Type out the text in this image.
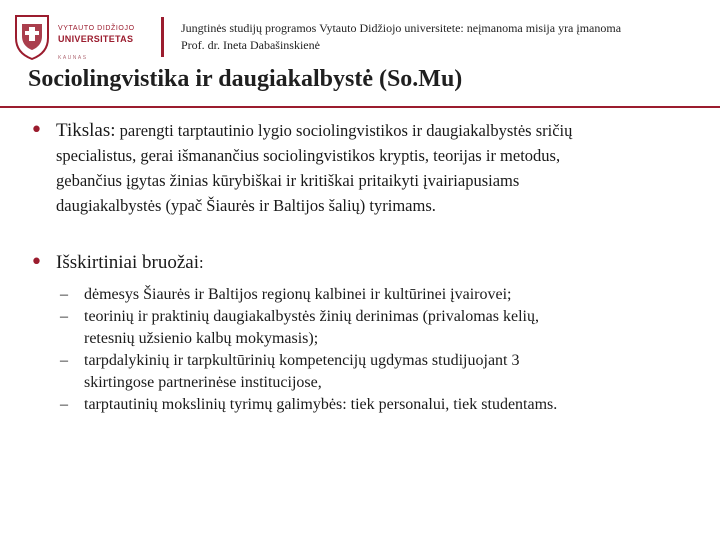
VYTAUTO DIDŽIOJO
UNIVERSITETAS
KAUNAS
Jungtinės studijų programos Vytauto Didžiojo universitete: neįmanoma misija yra įmanoma
Prof. dr. Ineta Dabašinskienė
Sociolingvistika ir daugiakalbystė (So.Mu)
• Tikslas: parengti tarptautinio lygio sociolingvistikos ir daugiakalbystės sričių
specialistus, gerai išmanančius sociolingvistikos kryptis, teorijas ir metodus,
gebančius įgytas žinias kūrybiškai ir kritiškai pritaikyti įvairiapusiams
daugiakalbystės (ypač Šiaurės ir Baltijos šalių) tyrimams.
• Išskirtiniai bruožai:
– dėmesys Šiaurės ir Baltijos regionų kalbinei ir kultūrinei įvairovei;
– teorinių ir praktinių daugiakalbystės žinių derinimas (privalomas kelių,
retesnių užsienio kalbų mokymasis);
– tarpdalykinių ir tarpkultūrinių kompetencijų ugdymas studijuojant 3
skirtingose partnerinėse institucijose,
– tarptautinių mokslinių tyrimų galimybės: tiek personalui, tiek studentams.
